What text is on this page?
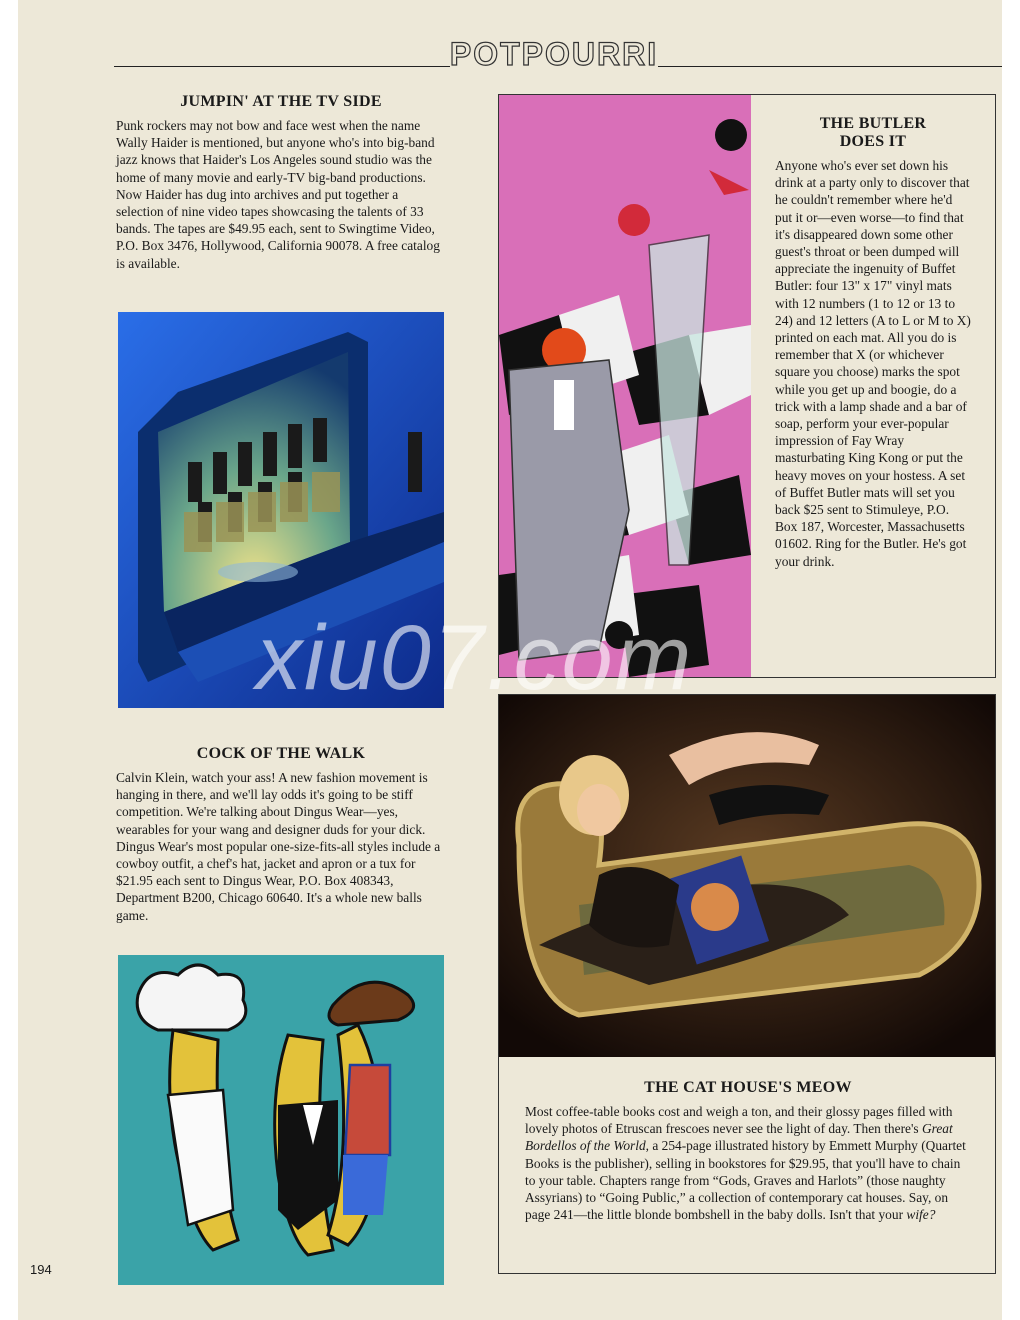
POTPOURRI
JUMPIN' AT THE TV SIDE

Punk rockers may not bow and face west when the name Wally Haider is mentioned, but anyone who's into big-band jazz knows that Haider's Los Angeles sound studio was the home of many movie and early-TV big-band productions. Now Haider has dug into archives and put together a selection of nine video tapes showcasing the talents of 33 bands. The tapes are $49.95 each, sent to Swingtime Video, P.O. Box 3476, Hollywood, California 90078. A free catalog is available.

COCK OF THE WALK

Calvin Klein, watch your ass! A new fashion movement is hanging in there, and we'll lay odds it's going to be stiff competition. We're talking about Dingus Wear—yes, wearables for your wang and designer duds for your dick. Dingus Wear's most popular one-size-fits-all styles include a cowboy outfit, a chef's hat, jacket and apron or a tux for $21.95 each sent to Dingus Wear, P.O. Box 408343, Department B200, Chicago 60640. It's a whole new balls game.

THE BUTLER
DOES IT

Anyone who's ever set down his drink at a party only to discover that he couldn't remember where he'd put it or—even worse—to find that it's disappeared down some other guest's throat or been dumped will appreciate the ingenuity of Buffet Butler: four 13" x 17" vinyl mats with 12 numbers (1 to 12 or 13 to 24) and 12 letters (A to L or M to X) printed on each mat. All you do is remember that X (or whichever square you choose) marks the spot while you get up and boogie, do a trick with a lamp shade and a bar of soap, perform your ever-popular impression of Fay Wray masturbating King Kong or put the heavy moves on your hostess. A set of Buffet Butler mats will set you back $25 sent to Stimuleye, P.O. Box 187, Worcester, Massachusetts 01602. Ring for the Butler. He's got your drink.

THE CAT HOUSE'S MEOW

Most coffee-table books cost and weigh a ton, and their glossy pages filled with lovely photos of Etruscan frescoes never see the light of day. Then there's Great Bordellos of the World, a 254-page illustrated history by Emmett Murphy (Quartet Books is the publisher), selling in bookstores for $29.95, that you'll have to chain to your table. Chapters range from “Gods, Graves and Harlots” (those naughty Assyrians) to “Going Public,” a collection of contemporary cat houses. Say, on page 241—the little blonde bombshell in the baby dolls. Isn't that your wife?

xiu07.com
194
